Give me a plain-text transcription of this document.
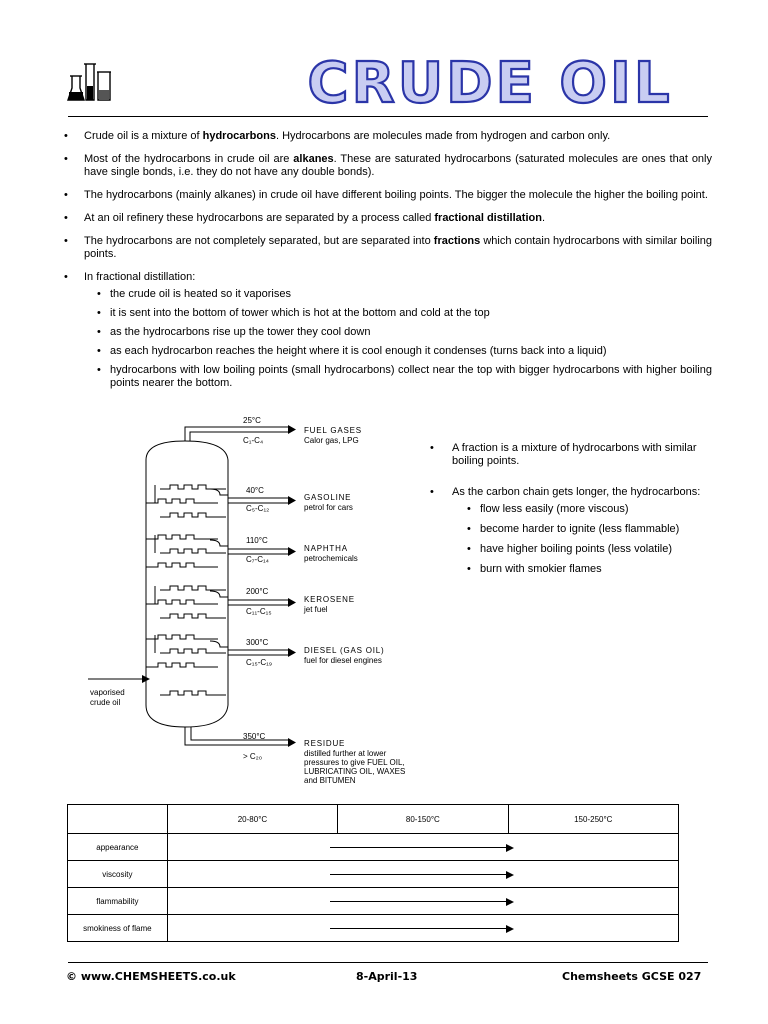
CRUDE OIL
• Crude oil is a mixture of hydrocarbons. Hydrocarbons are molecules made from hydrogen and carbon only.
• Most of the hydrocarbons in crude oil are alkanes. These are saturated hydrocarbons (saturated molecules are ones that only have single bonds, i.e. they do not have any double bonds).
• The hydrocarbons (mainly alkanes) in crude oil have different boiling points. The bigger the molecule the higher the boiling point.
• At an oil refinery these hydrocarbons are separated by a process called fractional distillation.
• The hydrocarbons are not completely separated, but are separated into fractions which contain hydrocarbons with similar boiling points.
• In fractional distillation:
• the crude oil is heated so it vaporises
• it is sent into the bottom of tower which is hot at the bottom and cold at the top
• as the hydrocarbons rise up the tower they cool down
• as each hydrocarbon reaches the height where it is cool enough it condenses (turns back into a liquid)
• hydrocarbons with low boiling points (small hydrocarbons) collect near the top with bigger hydrocarbons with higher boiling points nearer the bottom.
25°C
C₁-C₄
40°C
C₅-C₁₂
110°C
C₇-C₁₄
200°C
C₁₁-C₁₅
300°C
C₁₅-C₁₉
350°C
> C₂₀
FUEL GASES
Calor gas, LPG
GASOLINE
petrol for cars
NAPHTHA
petrochemicals
KEROSENE
jet fuel
DIESEL (GAS OIL)
fuel for diesel engines
RESIDUE
distilled further at lower
pressures to give FUEL OIL,
LUBRICATING OIL, WAXES
and BITUMEN
vaporised
crude oil
• A fraction is a mixture of hydrocarbons with similar boiling points.
• As the carbon chain gets longer, the hydrocarbons:
• flow less easily (more viscous)
• become harder to ignite (less flammable)
• have higher boiling points (less volatile)
• burn with smokier flames
	20-80°C	80-150°C	150-250°C
appearance			

viscosity			

flammability			

smokiness of flame			
© www.CHEMSHEETS.co.uk	8-April-13	Chemsheets GCSE 027
